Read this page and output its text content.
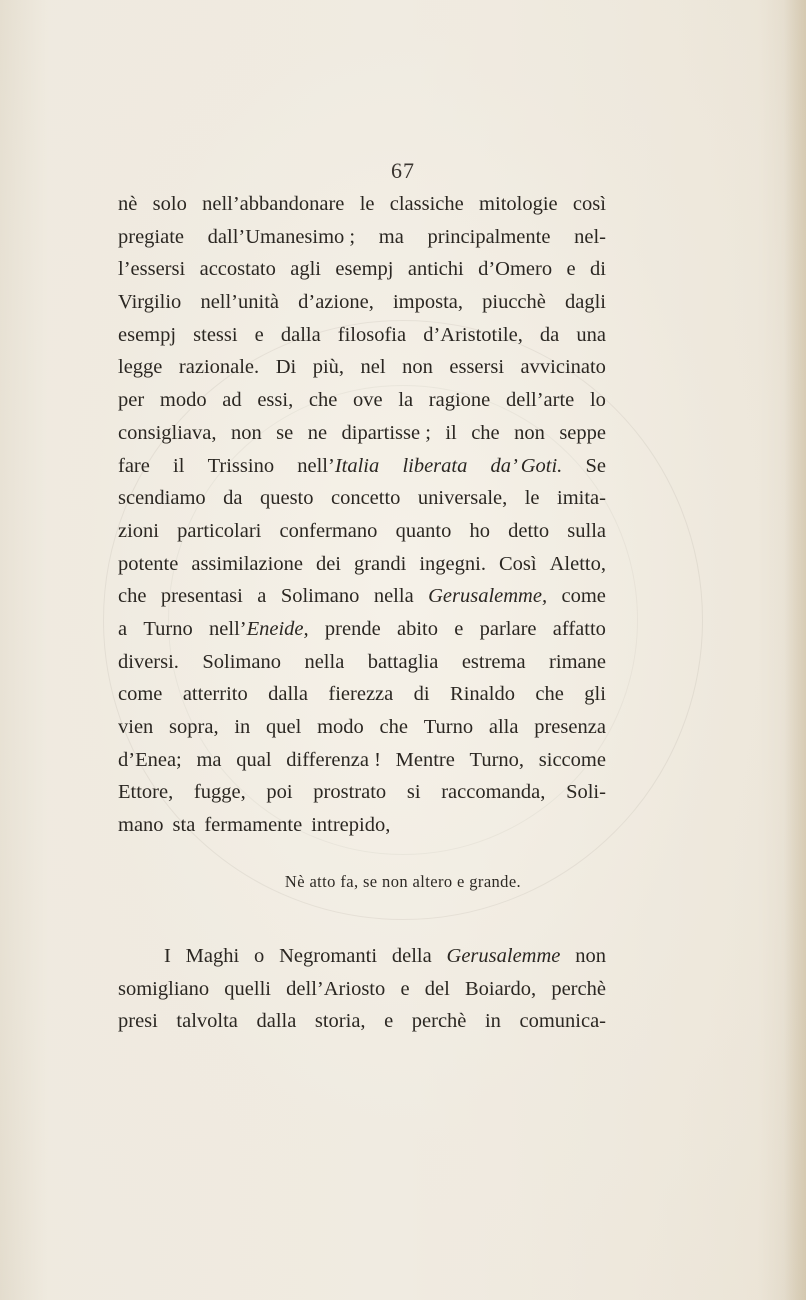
67
nè solo nell’abbandonare le classiche mitologie così
pregiate dall’Umanesimo ; ma principalmente nel-
l’essersi accostato agli esempj antichi d’Omero e di
Virgilio nell’unità d’azione, imposta, piucchè dagli
esempj stessi e dalla filosofia d’Aristotile, da una
legge razionale. Di più, nel non essersi avvicinato
per modo ad essi, che ove la ragione dell’arte lo
consigliava, non se ne dipartisse ; il che non seppe
fare il Trissino nell’Italia liberata da’ Goti. Se
scendiamo da questo concetto universale, le imita-
zioni particolari confermano quanto ho detto sulla
potente assimilazione dei grandi ingegni. Così Aletto,
che presentasi a Solimano nella Gerusalemme, come
a Turno nell’Eneide, prende abito e parlare affatto
diversi. Solimano nella battaglia estrema rimane
come atterrito dalla fierezza di Rinaldo che gli
vien sopra, in quel modo che Turno alla presenza
d’Enea; ma qual differenza ! Mentre Turno, siccome
Ettore, fugge, poi prostrato si raccomanda, Soli-
mano sta fermamente intrepido,
Nè atto fa, se non altero e grande.
I Maghi o Negromanti della Gerusalemme non
somigliano quelli dell’Ariosto e del Boiardo, perchè
presi talvolta dalla storia, e perchè in comunica-
